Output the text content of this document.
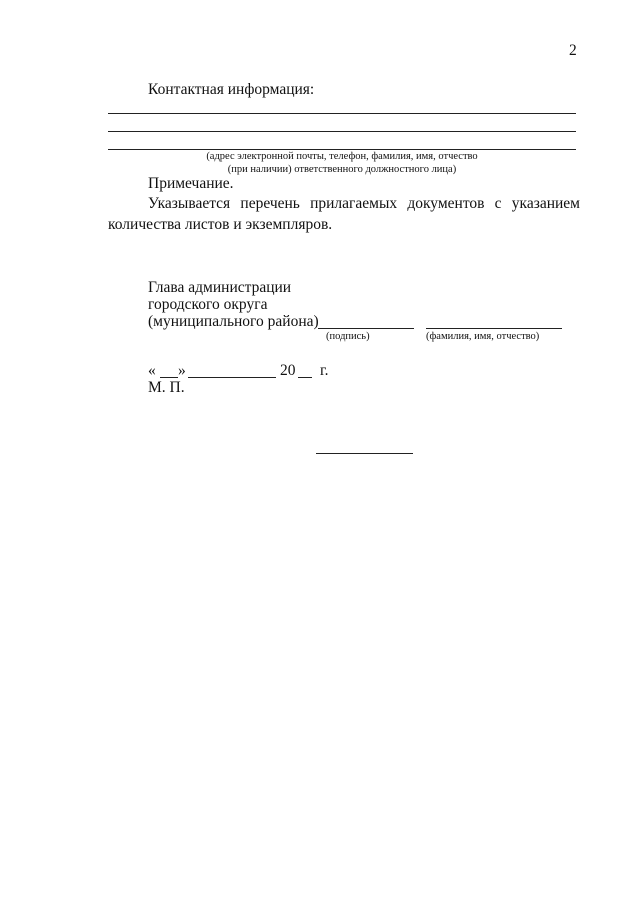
2
Контактная информация:
(адрес электронной почты, телефон, фамилия, имя, отчество
(при наличии) ответственного должностного лица)
Примечание.
Указывается перечень прилагаемых документов с указанием количества листов и экземпляров.
Глава администрации
городского округа
(муниципального района)
(подпись)	(фамилия, имя, отчество)
« »	20 г.
М. П.
